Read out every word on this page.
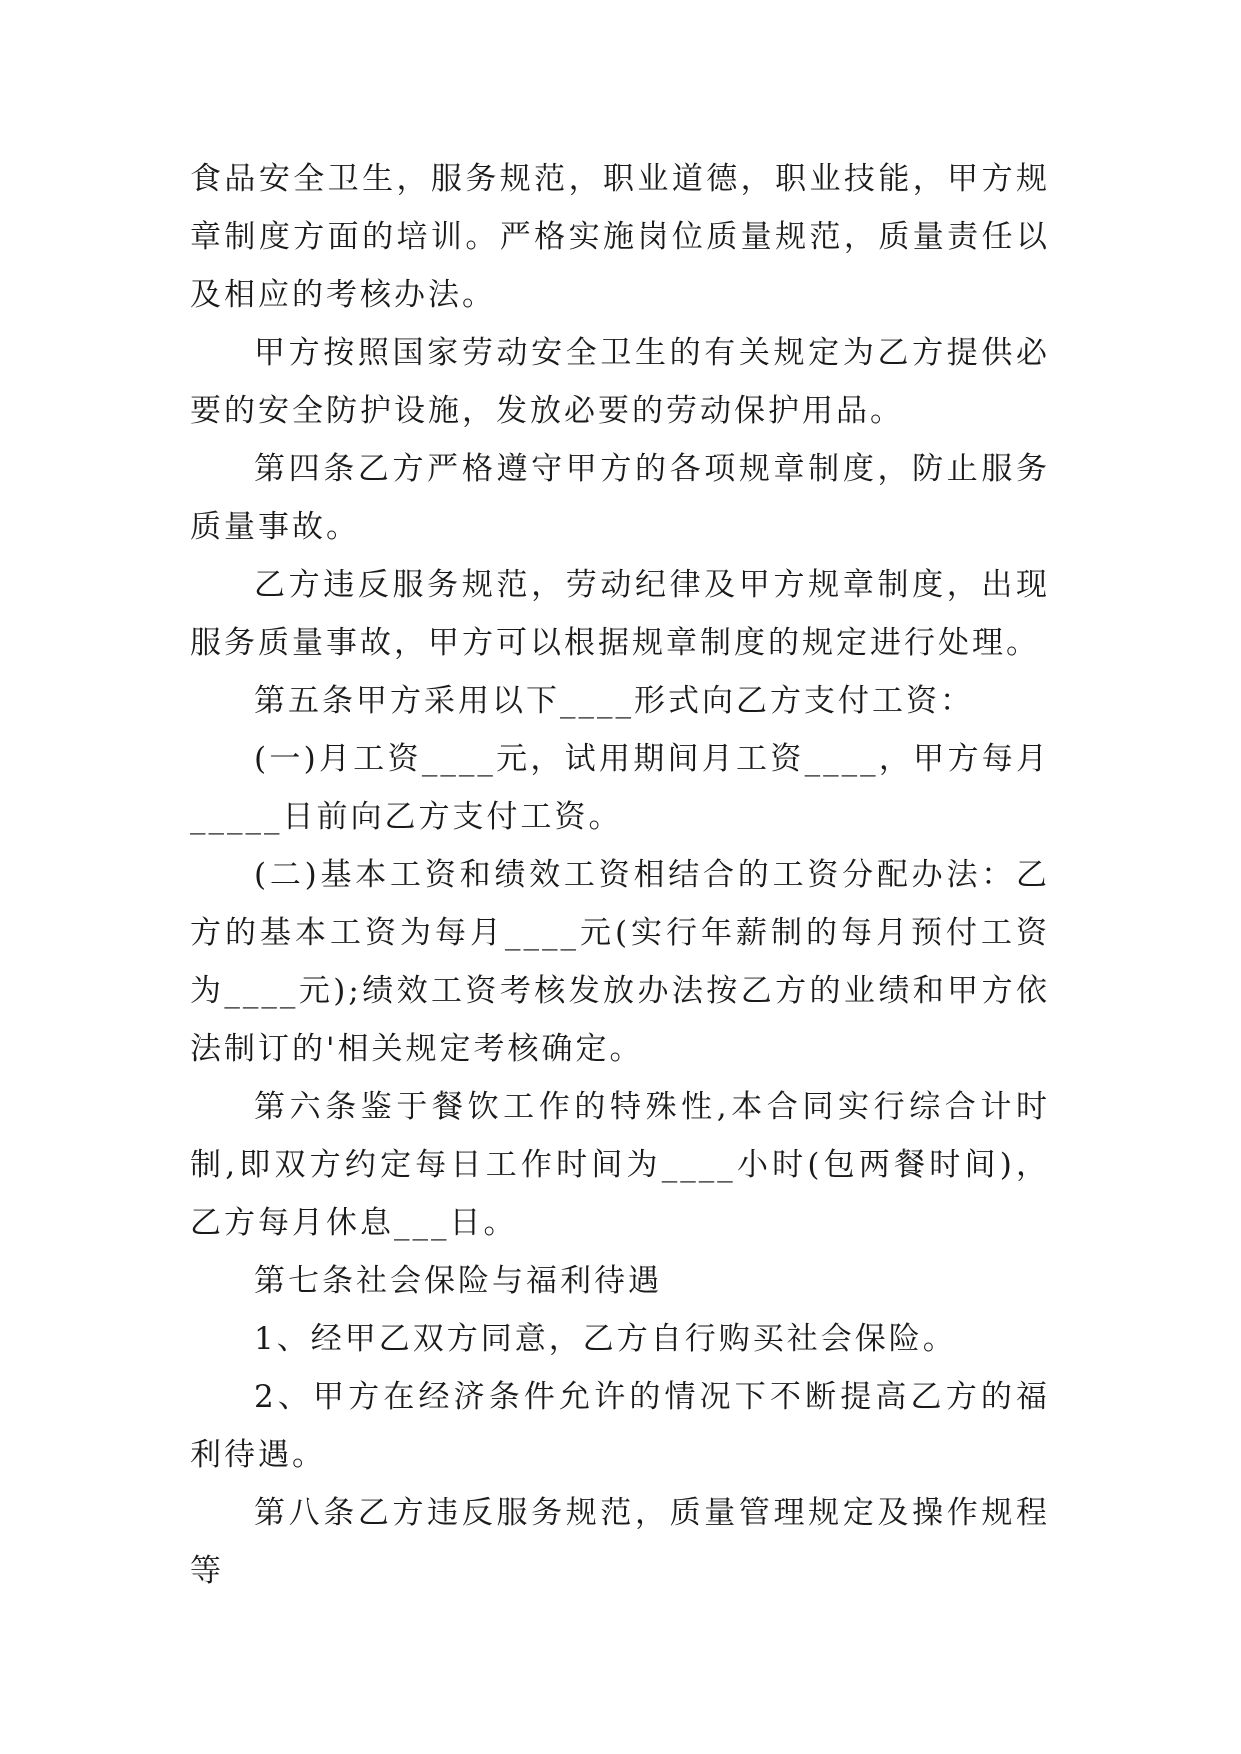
食品安全卫生，服务规范，职业道德，职业技能，甲方规章制度方面的培训。严格实施岗位质量规范，质量责任以及相应的考核办法。

甲方按照国家劳动安全卫生的有关规定为乙方提供必要的安全防护设施，发放必要的劳动保护用品。

第四条乙方严格遵守甲方的各项规章制度，防止服务质量事故。

乙方违反服务规范，劳动纪律及甲方规章制度，出现服务质量事故，甲方可以根据规章制度的规定进行处理。

第五条甲方采用以下____形式向乙方支付工资：

(一)月工资____元，试用期间月工资____，甲方每月_____日前向乙方支付工资。

(二)基本工资和绩效工资相结合的工资分配办法：乙方的基本工资为每月____元(实行年薪制的每月预付工资为____元);绩效工资考核发放办法按乙方的业绩和甲方依法制订的'相关规定考核确定。

第六条鉴于餐饮工作的特殊性,本合同实行综合计时制,即双方约定每日工作时间为____小时(包两餐时间)，乙方每月休息___日。

第七条社会保险与福利待遇

1、经甲乙双方同意，乙方自行购买社会保险。

2、甲方在经济条件允许的情况下不断提高乙方的福利待遇。

第八条乙方违反服务规范，质量管理规定及操作规程等
